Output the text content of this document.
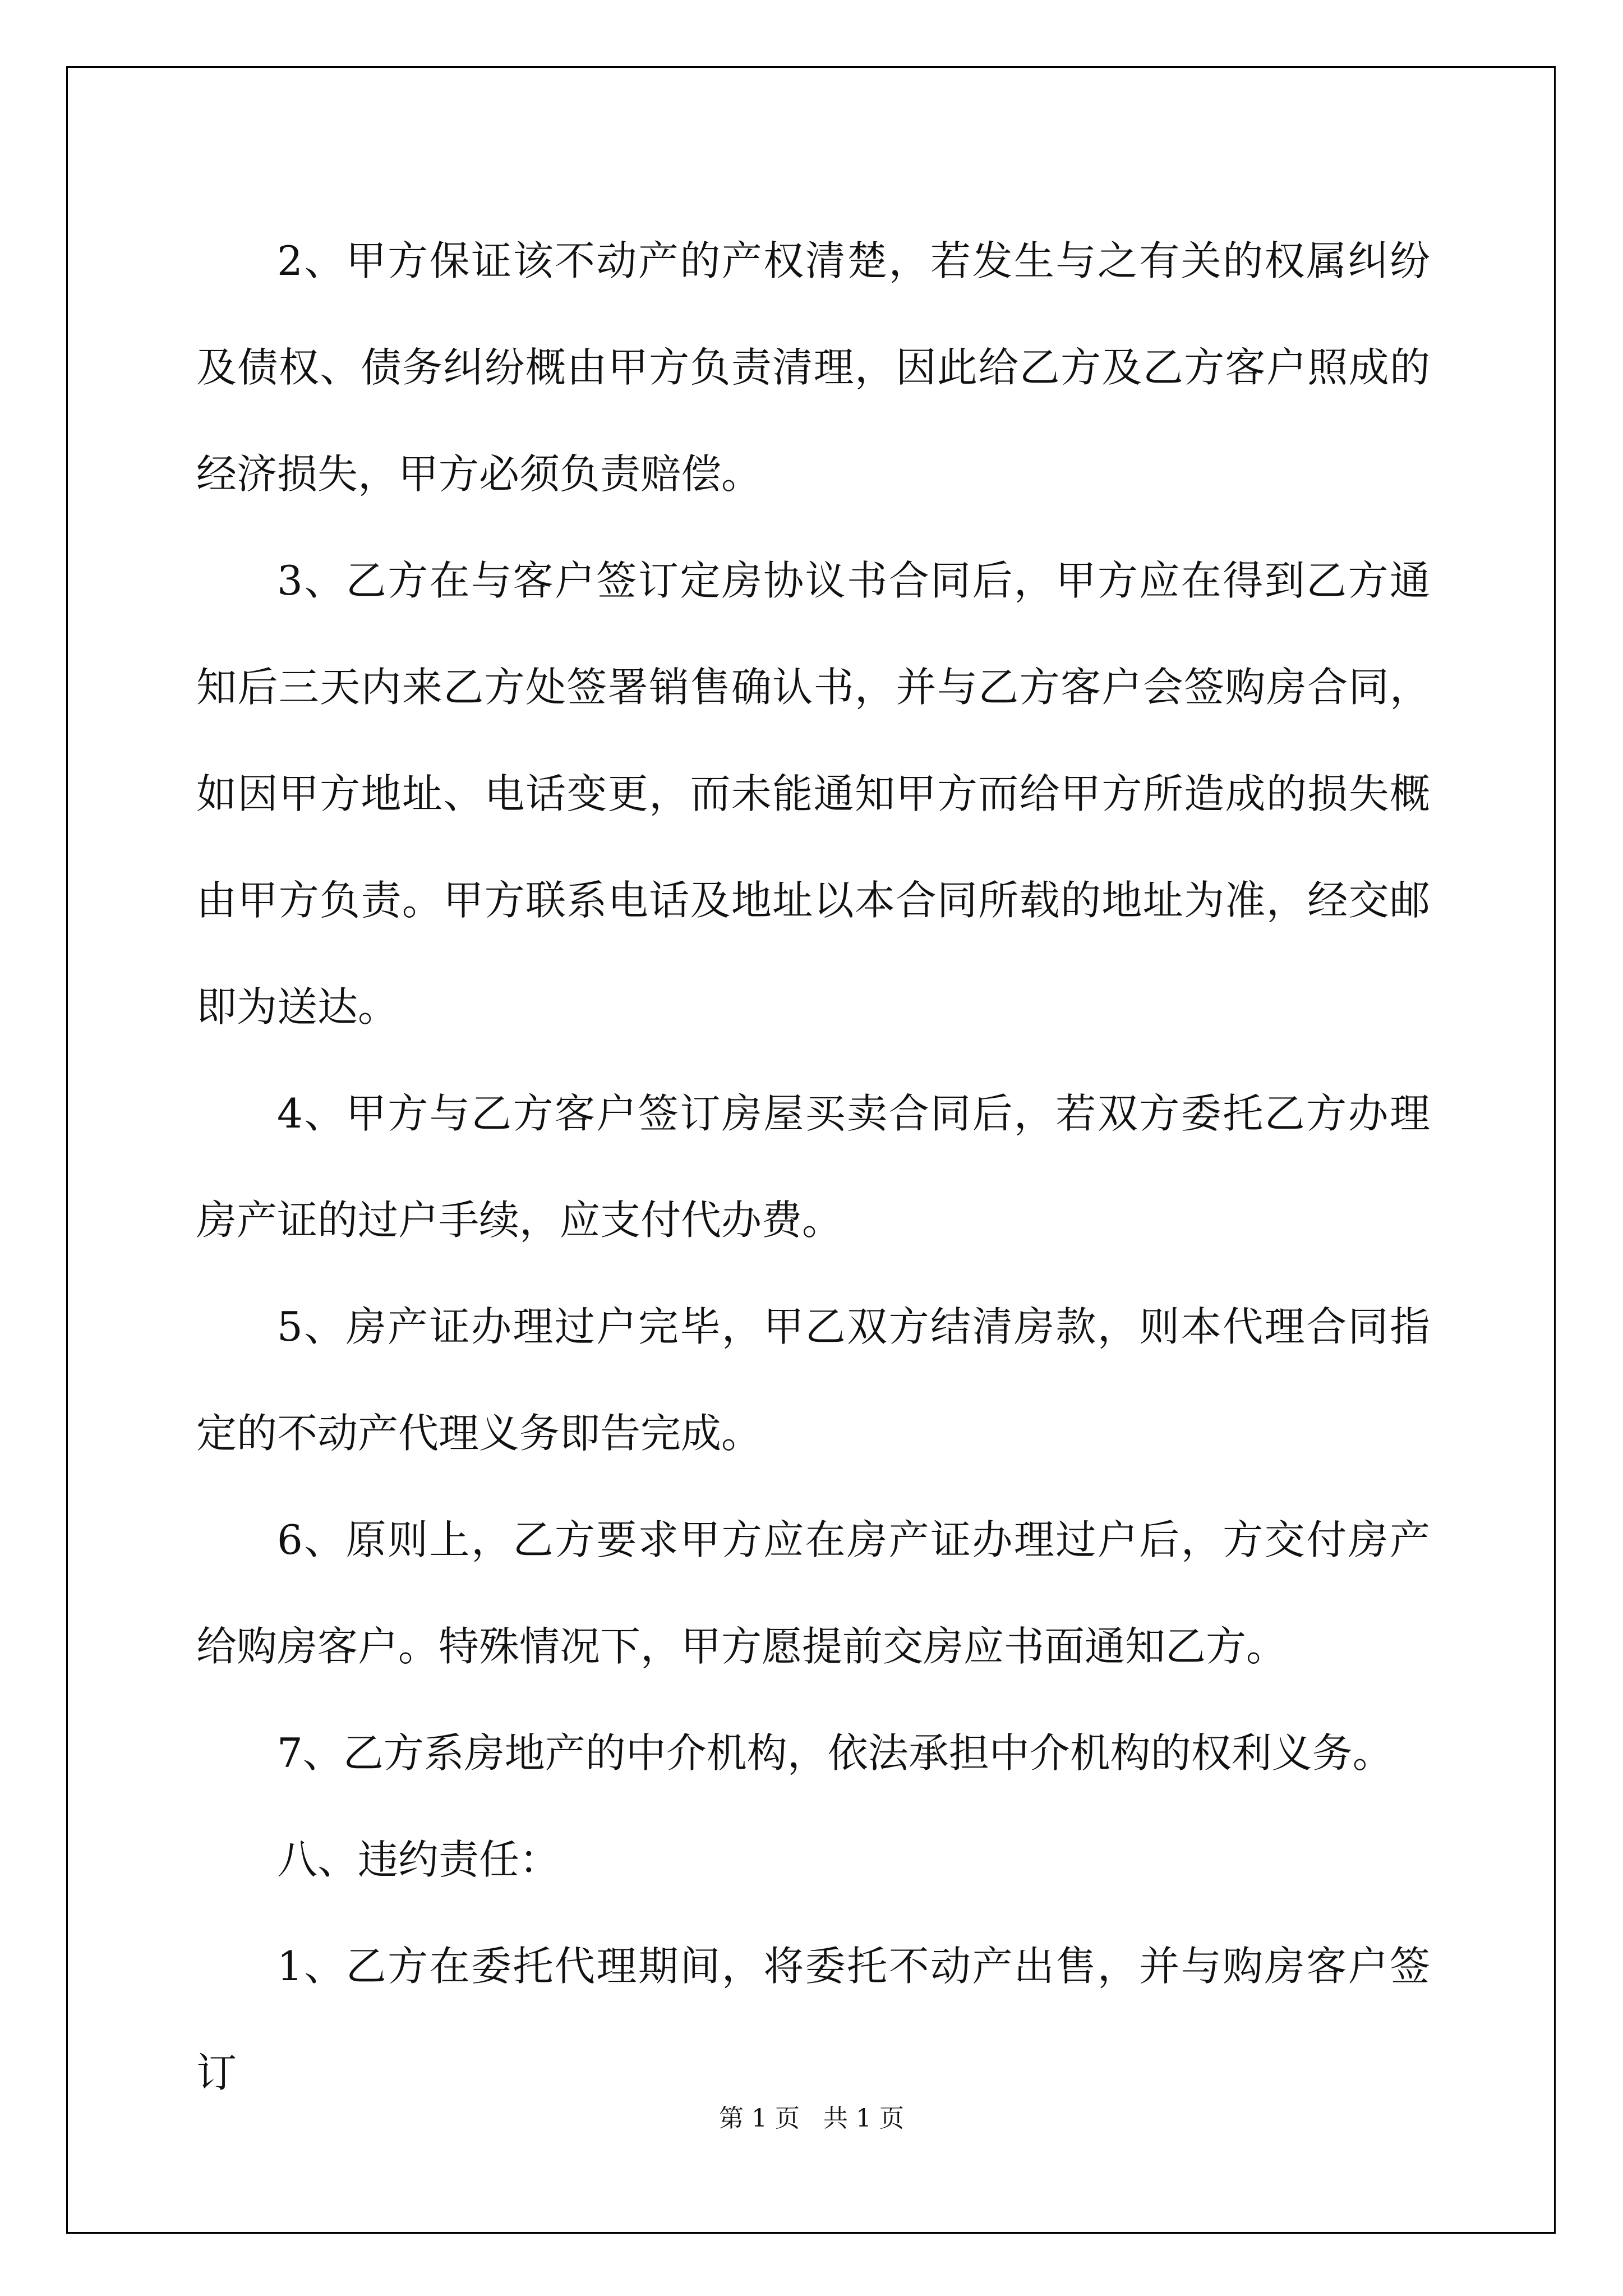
2、甲方保证该不动产的产权清楚，若发生与之有关的权属纠纷及债权、债务纠纷概由甲方负责清理，因此给乙方及乙方客户照成的经济损失，甲方必须负责赔偿。

3、乙方在与客户签订定房协议书合同后，甲方应在得到乙方通知后三天内来乙方处签署销售确认书，并与乙方客户会签购房合同，如因甲方地址、电话变更，而未能通知甲方而给甲方所造成的损失概由甲方负责。甲方联系电话及地址以本合同所载的地址为准，经交邮即为送达。

4、甲方与乙方客户签订房屋买卖合同后，若双方委托乙方办理房产证的过户手续，应支付代办费。

5、房产证办理过户完毕，甲乙双方结清房款，则本代理合同指定的不动产代理义务即告完成。

6、原则上，乙方要求甲方应在房产证办理过户后，方交付房产给购房客户。特殊情况下，甲方愿提前交房应书面通知乙方。

7、乙方系房地产的中介机构，依法承担中介机构的权利义务。

八、违约责任：

1、乙方在委托代理期间，将委托不动产出售，并与购房客户签订

第 1 页   共 1 页
